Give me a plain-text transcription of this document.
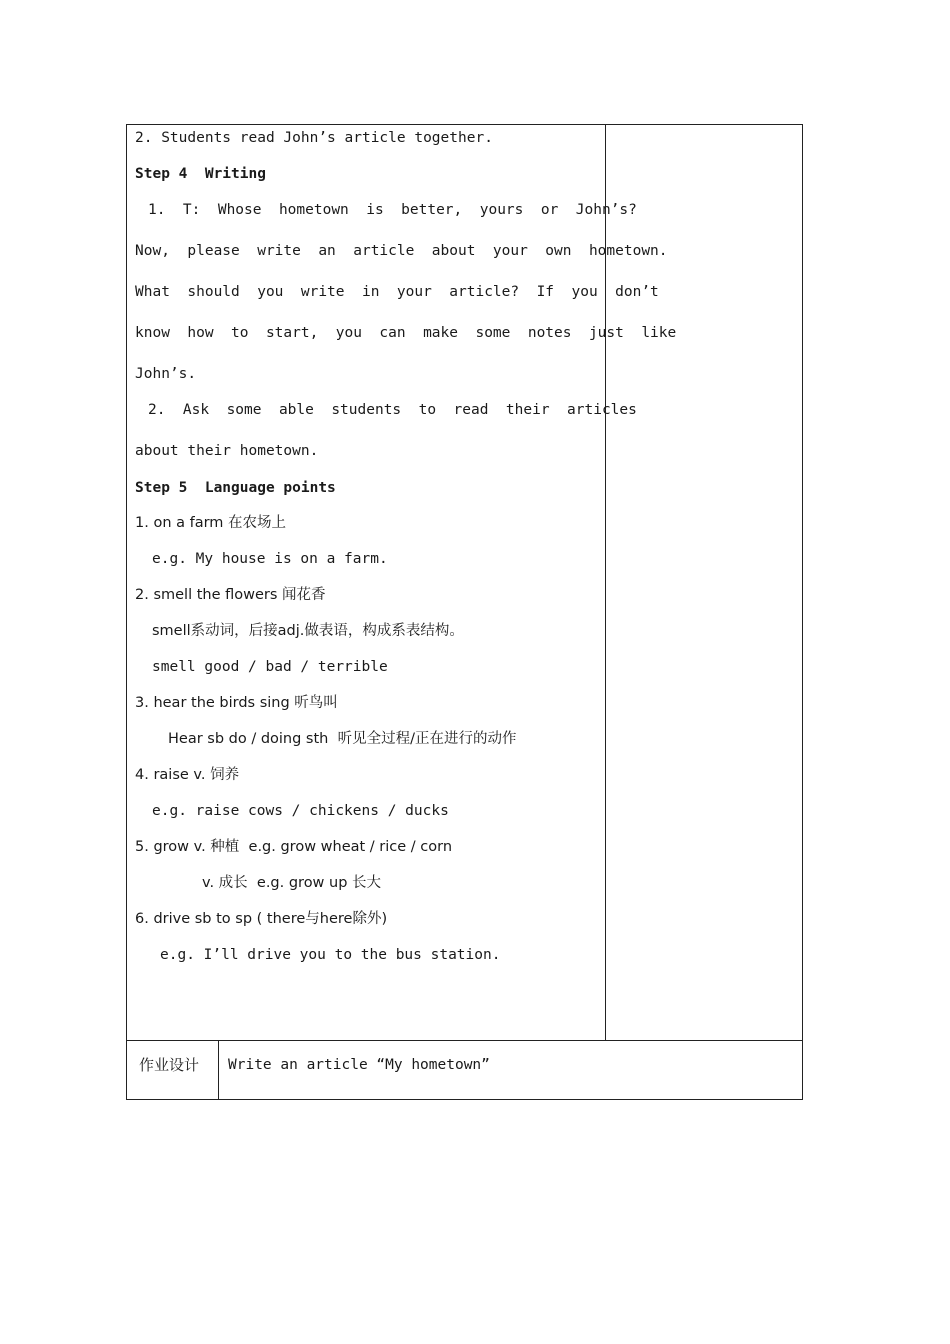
2. Students read John’s article together.
Step 4  Writing
1.  T:  Whose  hometown  is  better,  yours  or  John’s?
Now,  please  write  an  article  about  your  own  hometown.
What  should  you  write  in  your  article?  If  you  don’t
know  how  to  start,  you  can  make  some  notes  just  like
John’s.
2.  Ask  some  able  students  to  read  their  articles
about their hometown.
Step 5  Language points
1. on a farm 在农场上
e.g. My house is on a farm.
2. smell the flowers 闻花香
smell系动词，后接adj.做表语，构成系表结构。
smell good / bad / terrible
3. hear the birds sing 听鸟叫
Hear sb do / doing sth  听见全过程/正在进行的动作
4. raise v. 饲养
e.g. raise cows / chickens / ducks
5. grow v. 种植  e.g. grow wheat / rice / corn
v. 成长  e.g. grow up 长大
6. drive sb to sp ( there与here除外)
e.g. I’ll drive you to the bus station.
作业设计 Write an article “My hometown”
